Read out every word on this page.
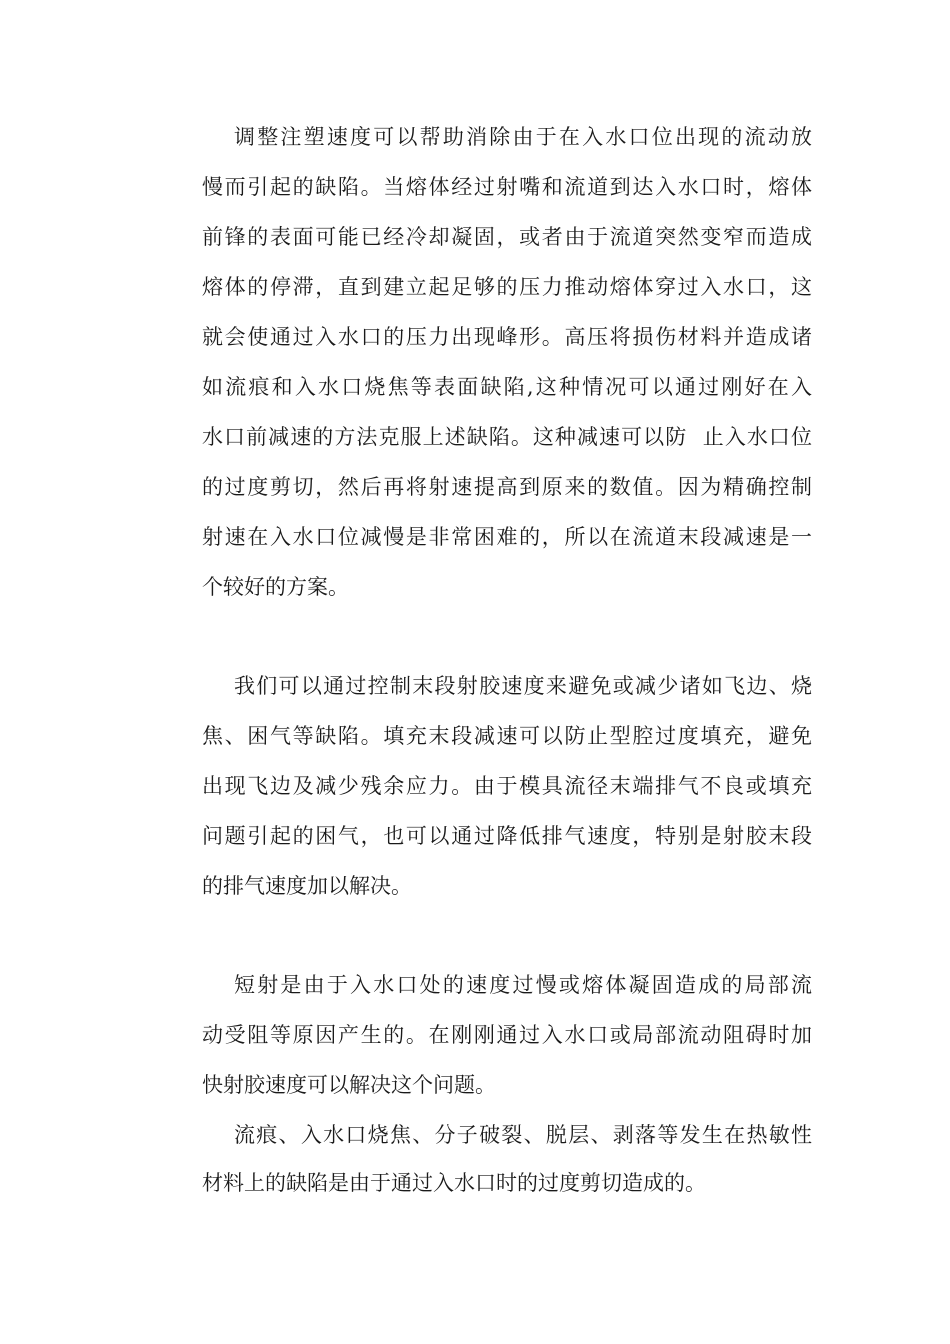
调整注塑速度可以帮助消除由于在入水口位出现的流动放
慢而引起的缺陷。当熔体经过射嘴和流道到达入水口时，熔体
前锋的表面可能已经冷却凝固，或者由于流道突然变窄而造成
熔体的停滞，直到建立起足够的压力推动熔体穿过入水口，这
就会使通过入水口的压力出现峰形。高压将损伤材料并造成诸
如流痕和入水口烧焦等表面缺陷,这种情况可以通过刚好在入
水口前减速的方法克服上述缺陷。这种减速可以防  止入水口位
的过度剪切，然后再将射速提高到原来的数值。因为精确控制
射速在入水口位减慢是非常困难的，所以在流道末段减速是一
个较好的方案。
我们可以通过控制末段射胶速度来避免或减少诸如飞边、烧
焦、困气等缺陷。填充末段减速可以防止型腔过度填充，避免
出现飞边及减少残余应力。由于模具流径末端排气不良或填充
问题引起的困气，也可以通过降低排气速度，特别是射胶末段
的排气速度加以解决。
短射是由于入水口处的速度过慢或熔体凝固造成的局部流
动受阻等原因产生的。在刚刚通过入水口或局部流动阻碍时加
快射胶速度可以解决这个问题。
流痕、入水口烧焦、分子破裂、脱层、剥落等发生在热敏性
材料上的缺陷是由于通过入水口时的过度剪切造成的。
